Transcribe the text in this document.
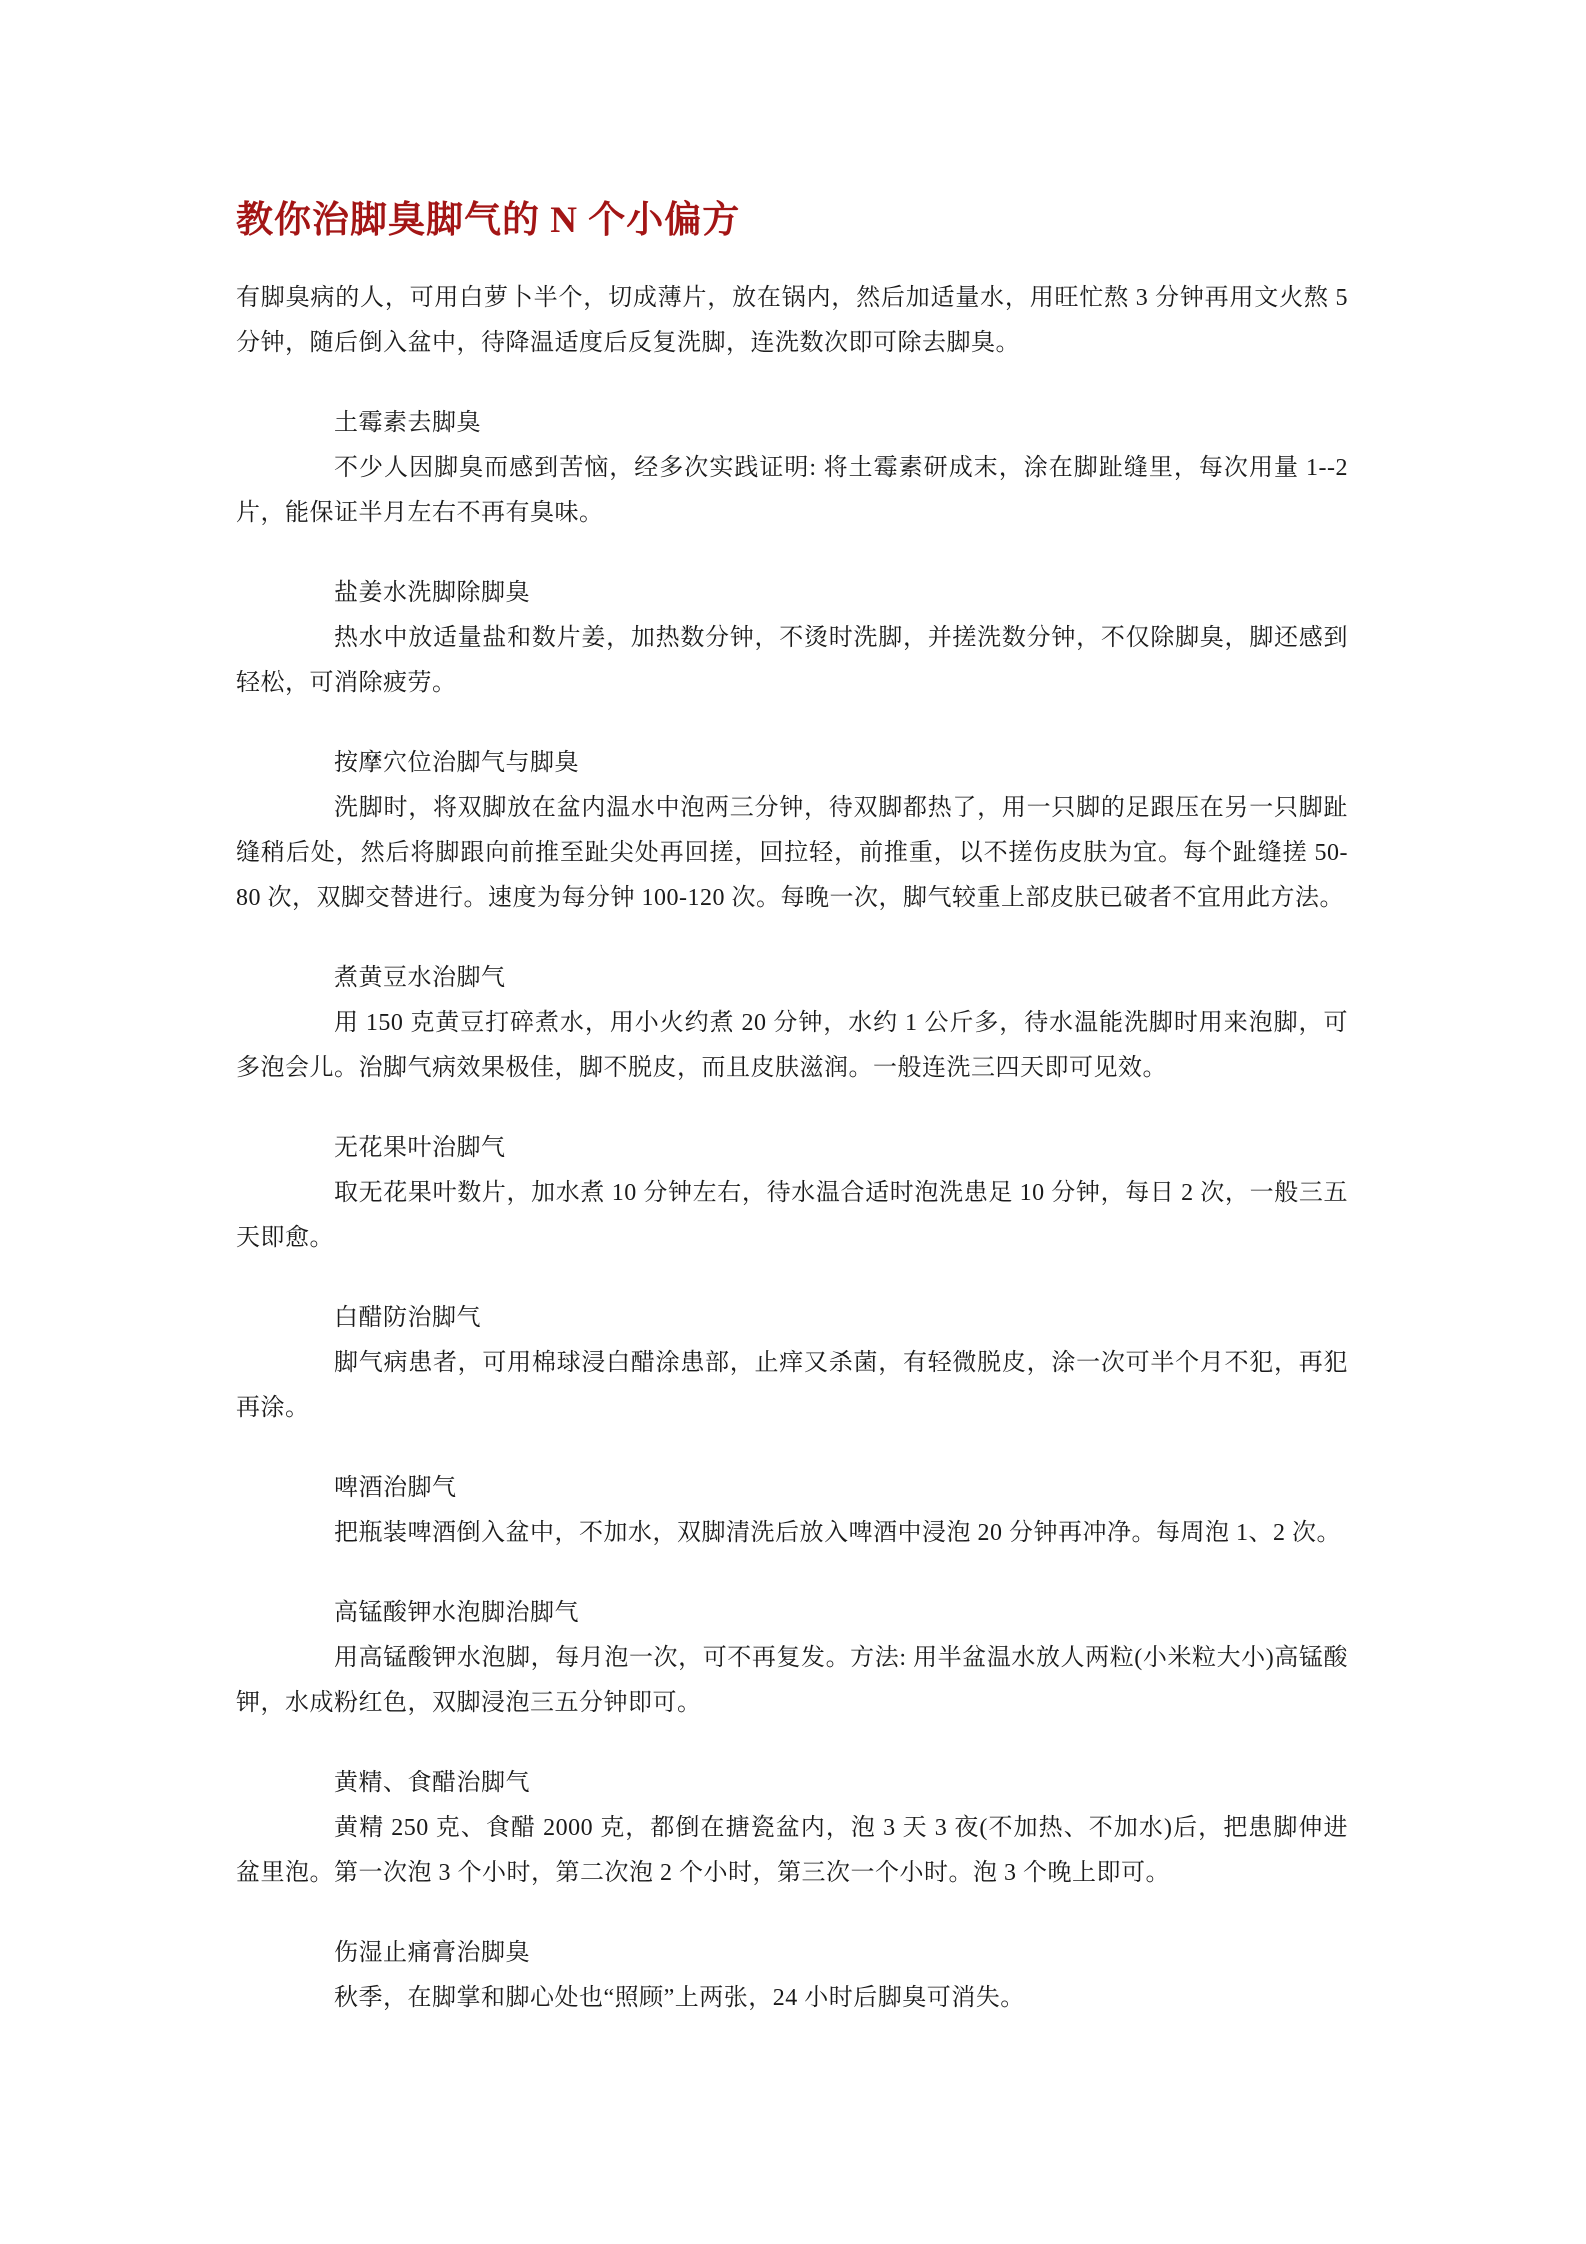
教你治脚臭脚气的 N 个小偏方

有脚臭病的人，可用白萝卜半个，切成薄片，放在锅内，然后加适量水，用旺忙熬 3 分钟再用文火熬 5 分钟，随后倒入盆中，待降温适度后反复洗脚，连洗数次即可除去脚臭。

土霉素去脚臭

不少人因脚臭而感到苦恼，经多次实践证明: 将土霉素研成末，涂在脚趾缝里，每次用量 1--2 片，能保证半月左右不再有臭味。

盐姜水洗脚除脚臭

热水中放适量盐和数片姜，加热数分钟，不烫时洗脚，并搓洗数分钟，不仅除脚臭，脚还感到轻松，可消除疲劳。

按摩穴位治脚气与脚臭

洗脚时，将双脚放在盆内温水中泡两三分钟，待双脚都热了，用一只脚的足跟压在另一只脚趾缝稍后处，然后将脚跟向前推至趾尖处再回搓，回拉轻，前推重，以不搓伤皮肤为宜。每个趾缝搓 50-80 次，双脚交替进行。速度为每分钟 100-120 次。每晚一次，脚气较重上部皮肤已破者不宜用此方法。

煮黄豆水治脚气

用 150 克黄豆打碎煮水，用小火约煮 20 分钟，水约 1 公斤多，待水温能洗脚时用来泡脚，可多泡会儿。治脚气病效果极佳，脚不脱皮，而且皮肤滋润。一般连洗三四天即可见效。

无花果叶治脚气

取无花果叶数片，加水煮 10 分钟左右，待水温合适时泡洗患足 10 分钟，每日 2 次，一般三五天即愈。

白醋防治脚气

脚气病患者，可用棉球浸白醋涂患部，止痒又杀菌，有轻微脱皮，涂一次可半个月不犯，再犯再涂。

啤酒治脚气

把瓶装啤酒倒入盆中，不加水，双脚清洗后放入啤酒中浸泡 20 分钟再冲净。每周泡 1、2 次。

高锰酸钾水泡脚治脚气

用高锰酸钾水泡脚，每月泡一次，可不再复发。方法: 用半盆温水放人两粒(小米粒大小)高锰酸钾，水成粉红色，双脚浸泡三五分钟即可。

黄精、食醋治脚气

黄精 250 克、食醋 2000 克，都倒在搪瓷盆内，泡 3 天 3 夜(不加热、不加水)后，把患脚伸进盆里泡。第一次泡 3 个小时，第二次泡 2 个小时，第三次一个小时。泡 3 个晚上即可。

伤湿止痛膏治脚臭

秋季，在脚掌和脚心处也“照顾”上两张，24 小时后脚臭可消失。
